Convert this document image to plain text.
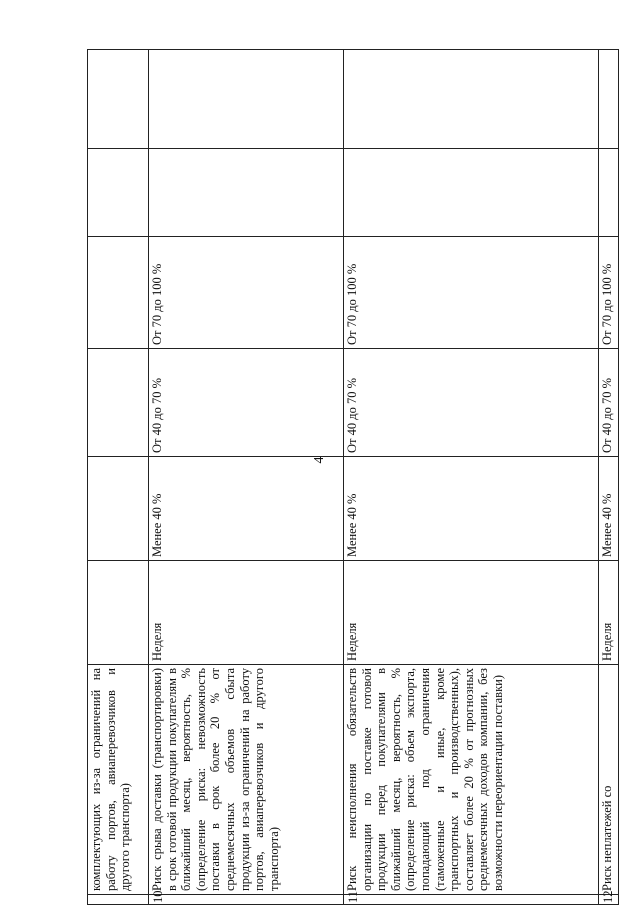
4
	комплектующих из-за ограничений на работу портов, авиаперевозчиков и другого транспорта)						
10	Риск срыва доставки (транспортировки) в срок готовой продукции покупателям в ближайший месяц, вероятность, % (определение риска: невозможность поставки в срок более 20 % от среднемесячных объемов сбыта продукции из-за ограничений на работу портов, авиаперевозчиков и другого транспорта)	Неделя	Менее 40 %	От 40 до 70 %	От 70 до 100 %		
11	Риск неисполнения обязательств организации по поставке готовой продукции перед покупателями в ближайший месяц, вероятность, % (определение риска: объем экспорта, попадающий под ограничения (таможенные и иные, кроме транспортных и производственных), составляет более 20 % от прогнозных среднемесячных доходов компании, без возможности переориентации поставки)	Неделя	Менее 40 %	От 40 до 70 %	От 70 до 100 %		
12	Риск неплатежей со	Неделя	Менее 40 %	От 40 до 70 %	От 70 до 100 %		
